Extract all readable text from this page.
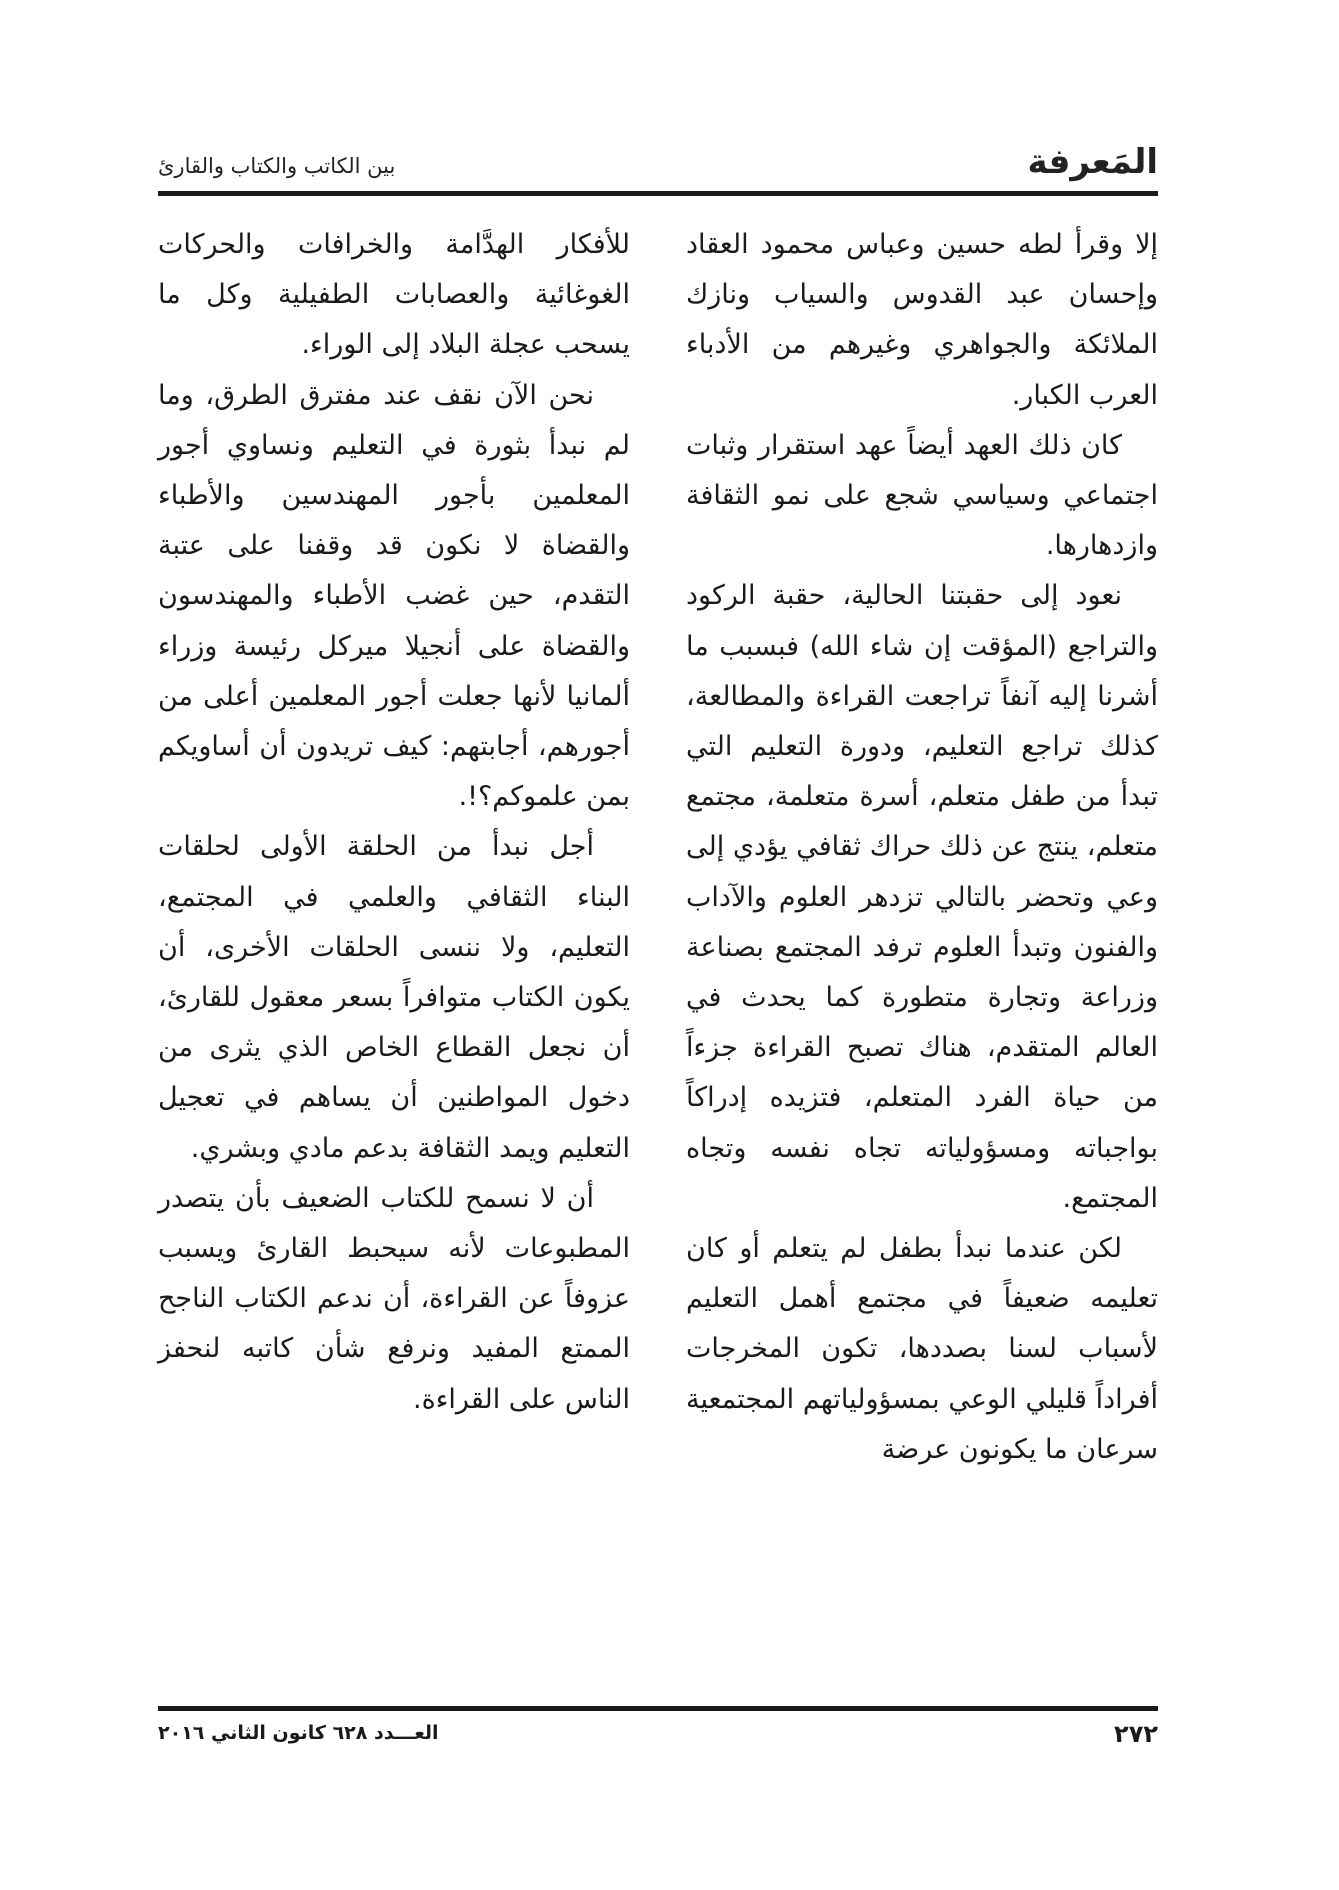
المَعرفة
بين الكاتب والكتاب والقارئ

إلا وقرأ لطه حسين وعباس محمود العقاد وإحسان عبد القدوس والسياب ونازك الملائكة والجواهري وغيرهم من الأدباء العرب الكبار.

كان ذلك العهد أيضاً عهد استقرار وثبات اجتماعي وسياسي شجع على نمو الثقافة وازدهارها.

نعود إلى حقبتنا الحالية، حقبة الركود والتراجع (المؤقت إن شاء الله) فبسبب ما أشرنا إليه آنفاً تراجعت القراءة والمطالعة، كذلك تراجع التعليم، ودورة التعليم التي تبدأ من طفل متعلم، أسرة متعلمة، مجتمع متعلم، ينتج عن ذلك حراك ثقافي يؤدي إلى وعي وتحضر بالتالي تزدهر العلوم والآداب والفنون وتبدأ العلوم ترفد المجتمع بصناعة وزراعة وتجارة متطورة كما يحدث في العالم المتقدم، هناك تصبح القراءة جزءاً من حياة الفرد المتعلم، فتزيده إدراكاً بواجباته ومسؤولياته تجاه نفسه وتجاه المجتمع.

لكن عندما نبدأ بطفل لم يتعلم أو كان تعليمه ضعيفاً في مجتمع أهمل التعليم لأسباب لسنا بصددها، تكون المخرجات أفراداً قليلي الوعي بمسؤولياتهم المجتمعية سرعان ما يكونون عرضة

للأفكار الهدَّامة والخرافات والحركات الغوغائية والعصابات الطفيلية وكل ما يسحب عجلة البلاد إلى الوراء.

نحن الآن نقف عند مفترق الطرق، وما لم نبدأ بثورة في التعليم ونساوي أجور المعلمين بأجور المهندسين والأطباء والقضاة لا نكون قد وقفنا على عتبة التقدم، حين غضب الأطباء والمهندسون والقضاة على أنجيلا ميركل رئيسة وزراء ألمانيا لأنها جعلت أجور المعلمين أعلى من أجورهم، أجابتهم: كيف تريدون أن أساويكم بمن علموكم؟!.

أجل نبدأ من الحلقة الأولى لحلقات البناء الثقافي والعلمي في المجتمع، التعليم، ولا ننسى الحلقات الأخرى، أن يكون الكتاب متوافراً بسعر معقول للقارئ، أن نجعل القطاع الخاص الذي يثرى من دخول المواطنين أن يساهم في تعجيل التعليم ويمد الثقافة بدعم مادي وبشري.

أن لا نسمح للكتاب الضعيف بأن يتصدر المطبوعات لأنه سيحبط القارئ ويسبب عزوفاً عن القراءة، أن ندعم الكتاب الناجح الممتع المفيد ونرفع شأن كاتبه لنحفز الناس على القراءة.

٢٧٢
العـــدد ٦٢٨ كانون الثاني ٢٠١٦
